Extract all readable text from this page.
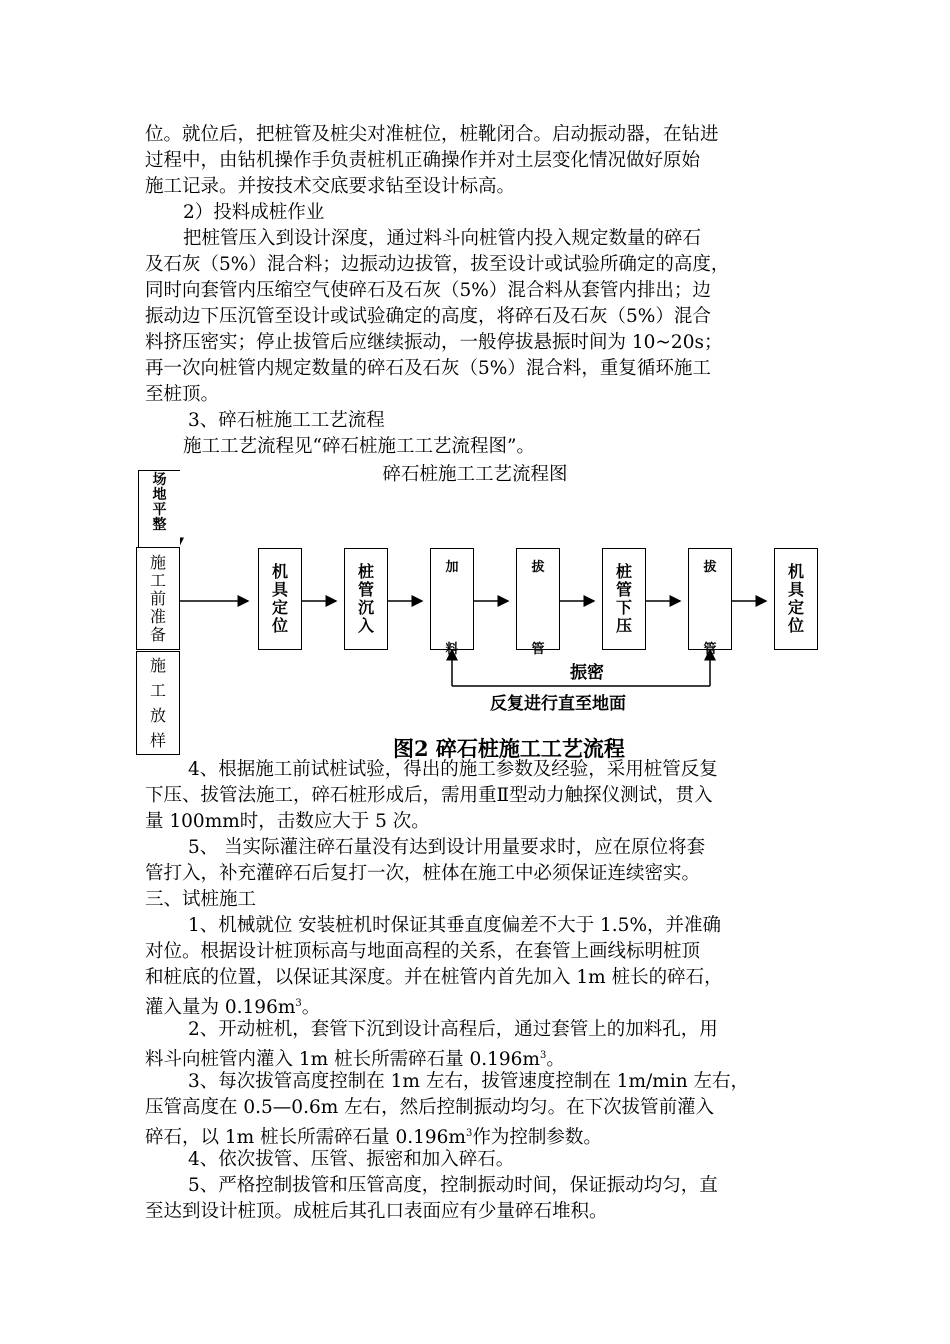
位。就位后，把桩管及桩尖对准桩位，桩靴闭合。启动振动器，在钻进
过程中，由钻机操作手负责桩机正确操作并对土层变化情况做好原始
施工记录。并按技术交底要求钻至设计标高。
2）投料成桩作业
把桩管压入到设计深度，通过料斗向桩管内投入规定数量的碎石
及石灰（5%）混合料；边振动边拔管，拔至设计或试验所确定的高度，
同时向套管内压缩空气使碎石及石灰（5%）混合料从套管内排出；边
振动边下压沉管至设计或试验确定的高度，将碎石及石灰（5%）混合
料挤压密实；停止拔管后应继续振动，一般停拔悬振时间为 10~20s；
再一次向桩管内规定数量的碎石及石灰（5%）混合料，重复循环施工
至桩顶。
3、碎石桩施工工艺流程
施工工艺流程见“碎石桩施工工艺流程图”。
碎石桩施工工艺流程图
场
地
平
整
施
工
前
准
备
施
工
放
样
机
具
定
位
桩
管
沉
入
加
料
拔
管
桩
管
下
压
拔
管
机
具
定
位
振密
反复进行直至地面
图2 碎石桩施工工艺流程
4、根据施工前试桩试验，得出的施工参数及经验，采用桩管反复
下压、拔管法施工，碎石桩形成后，需用重Ⅱ型动力触探仪测试，贯入
量 100mm时，击数应大于 5 次。
5、 当实际灌注碎石量没有达到设计用量要求时，应在原位将套
管打入，补充灌碎石后复打一次，桩体在施工中必须保证连续密实。
三、试桩施工
1、机械就位 安装桩机时保证其垂直度偏差不大于 1.5%，并准确
对位。根据设计桩顶标高与地面高程的关系，在套管上画线标明桩顶
和桩底的位置，以保证其深度。并在桩管内首先加入 1m 桩长的碎石，
灌入量为 $0.196m^3$。
2、开动桩机，套管下沉到设计高程后，通过套管上的加料孔，用
料斗向桩管内灌入 1m 桩长所需碎石量 $0.196m^3$。
3、每次拔管高度控制在 1m 左右，拔管速度控制在 1m/min 左右，
压管高度在 0.5—0.6m 左右，然后控制振动均匀。在下次拔管前灌入
碎石，以 1m 桩长所需碎石量 $0.196m^3$作为控制参数。
4、依次拔管、压管、振密和加入碎石。
5、严格控制拔管和压管高度，控制振动时间，保证振动均匀，直
至达到设计桩顶。成桩后其孔口表面应有少量碎石堆积。
